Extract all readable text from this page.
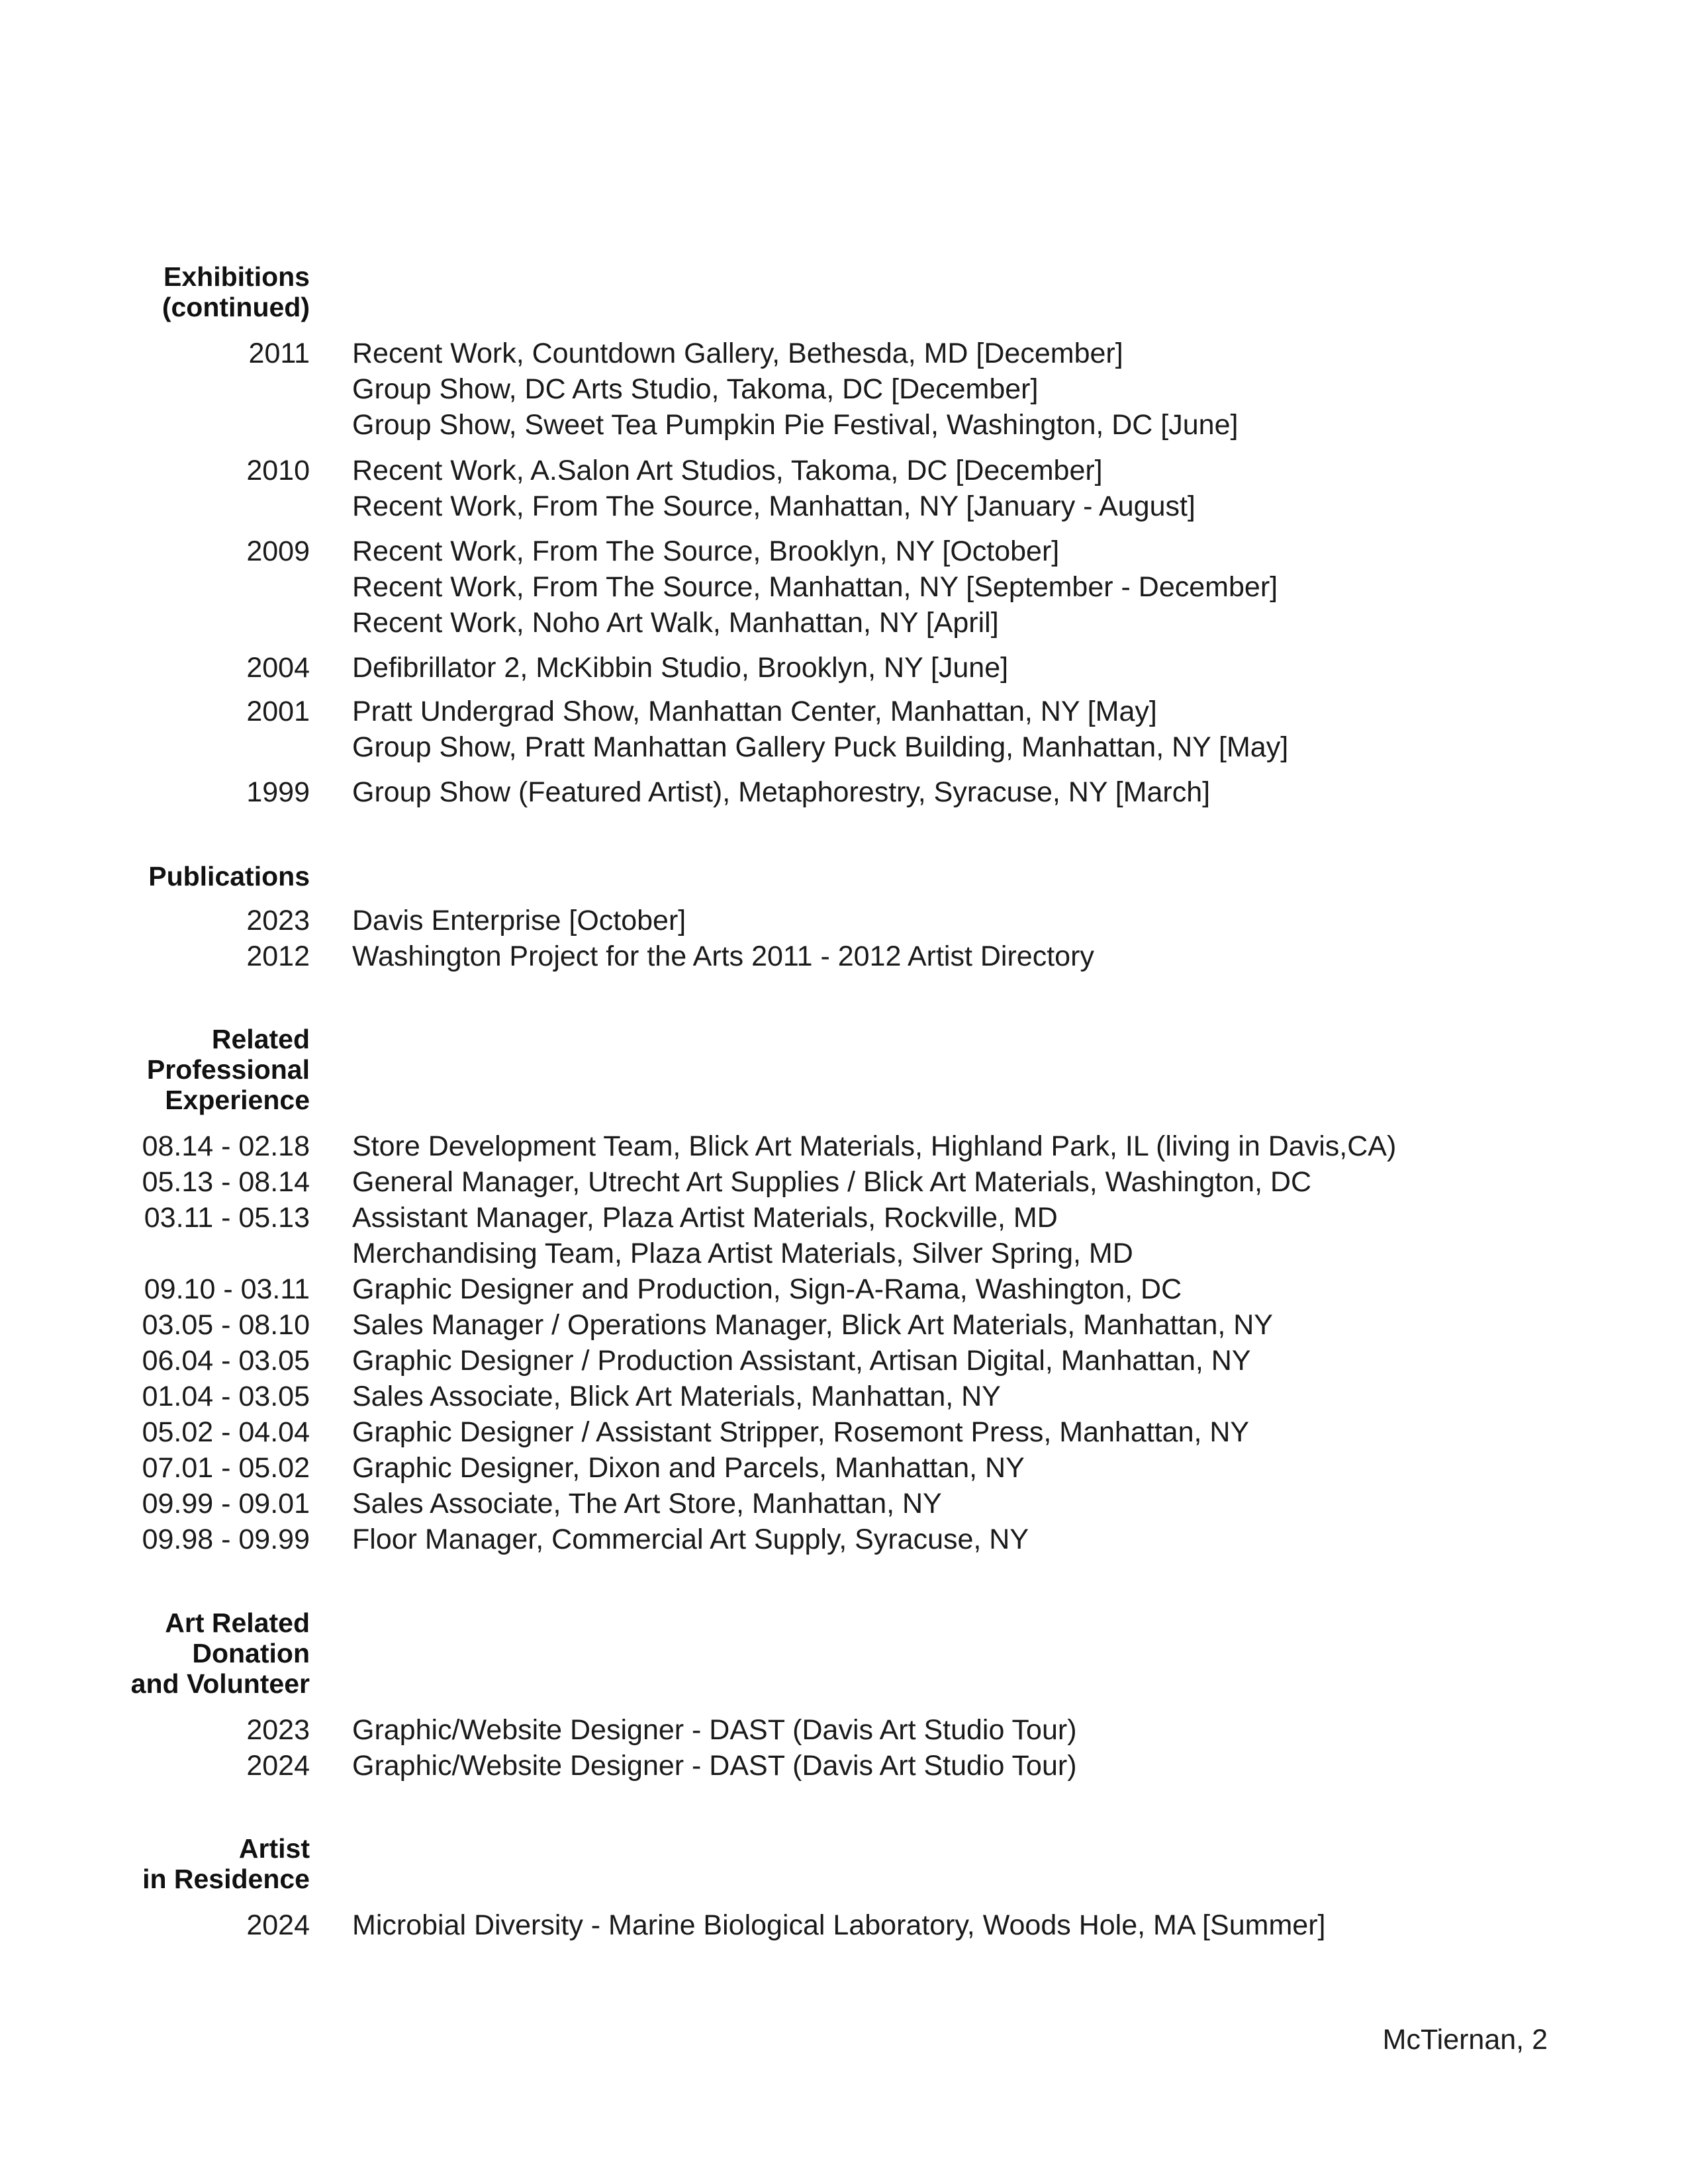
Exhibitions
(continued)
2011 Recent Work, Countdown Gallery, Bethesda, MD [December]
Group Show, DC Arts Studio, Takoma, DC [December]
Group Show, Sweet Tea Pumpkin Pie Festival, Washington, DC [June]
2010 Recent Work, A.Salon Art Studios, Takoma, DC [December]
Recent Work, From The Source, Manhattan, NY [January - August]
2009 Recent Work, From The Source, Brooklyn, NY [October]
Recent Work, From The Source, Manhattan, NY [September - December]
Recent Work, Noho Art Walk, Manhattan, NY [April]
2004 Defibrillator 2, McKibbin Studio, Brooklyn, NY [June]
2001 Pratt Undergrad Show, Manhattan Center, Manhattan, NY [May]
Group Show, Pratt Manhattan Gallery Puck Building, Manhattan, NY [May]
1999 Group Show (Featured Artist), Metaphorestry, Syracuse, NY [March]
Publications
2023 Davis Enterprise [October]
2012 Washington Project for the Arts 2011 - 2012 Artist Directory
Related
Professional
Experience
08.14 - 02.18 Store Development Team, Blick Art Materials, Highland Park, IL (living in Davis,CA)
05.13 - 08.14 General Manager, Utrecht Art Supplies / Blick Art Materials, Washington, DC
03.11 - 05.13 Assistant Manager, Plaza Artist Materials, Rockville, MD
Merchandising Team, Plaza Artist Materials, Silver Spring, MD
09.10 - 03.11 Graphic Designer and Production, Sign-A-Rama, Washington, DC
03.05 - 08.10 Sales Manager / Operations Manager, Blick Art Materials, Manhattan, NY
06.04 - 03.05 Graphic Designer / Production Assistant, Artisan Digital, Manhattan, NY
01.04 - 03.05 Sales Associate, Blick Art Materials, Manhattan, NY
05.02 - 04.04 Graphic Designer / Assistant Stripper, Rosemont Press, Manhattan, NY
07.01 - 05.02 Graphic Designer, Dixon and Parcels, Manhattan, NY
09.99 - 09.01 Sales Associate, The Art Store, Manhattan, NY
09.98 - 09.99 Floor Manager, Commercial Art Supply, Syracuse, NY
Art Related
Donation
and Volunteer
2023 Graphic/Website Designer - DAST (Davis Art Studio Tour)
2024 Graphic/Website Designer - DAST (Davis Art Studio Tour)
Artist
in Residence
2024 Microbial Diversity - Marine Biological Laboratory, Woods Hole, MA [Summer]
McTiernan, 2
